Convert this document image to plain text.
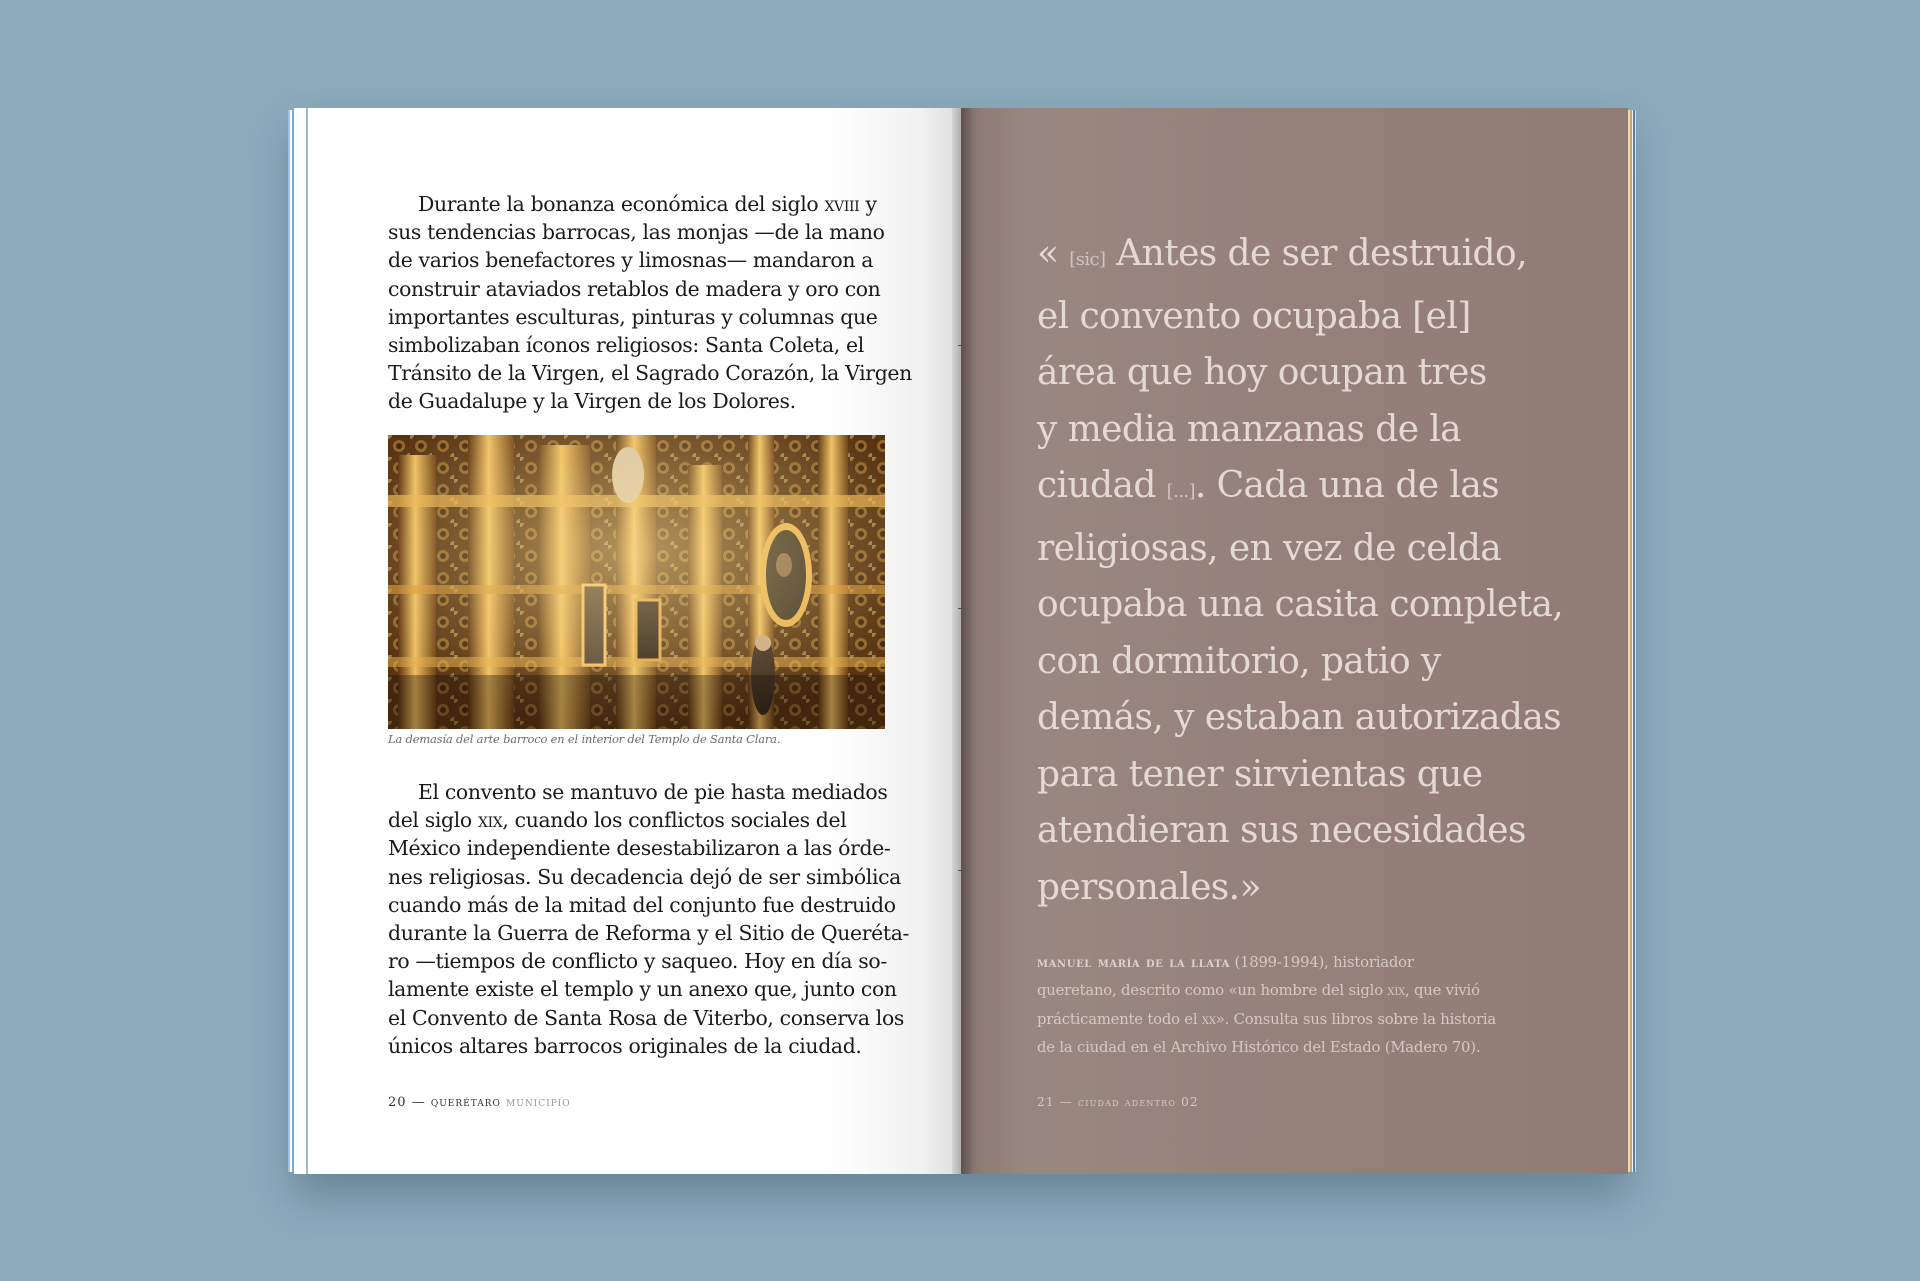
Durante la bonanza económica del siglo xviii y
sus tendencias barrocas, las monjas —de la mano
de varios benefactores y limosnas— mandaron a
construir ataviados retablos de madera y oro con
importantes esculturas, pinturas y columnas que
simbolizaban íconos religiosos: Santa Coleta, el
Tránsito de la Virgen, el Sagrado Corazón, la Virgen
de Guadalupe y la Virgen de los Dolores.

La demasía del arte barroco en el interior del Templo de Santa Clara.

El convento se mantuvo de pie hasta mediados
del siglo xix, cuando los conflictos sociales del
México independiente desestabilizaron a las órde-
nes religiosas. Su decadencia dejó de ser simbólica
cuando más de la mitad del conjunto fue destruido
durante la Guerra de Reforma y el Sitio de Queréta-
ro —tiempos de conflicto y saqueo. Hoy en día so-
lamente existe el templo y un anexo que, junto con
el Convento de Santa Rosa de Viterbo, conserva los
únicos altares barrocos originales de la ciudad.

20 — querétaro municipio

« [sic] Antes de ser destruido,
el convento ocupaba [el]
área que hoy ocupan tres
y media manzanas de la
ciudad [...]. Cada una de las
religiosas, en vez de celda
ocupaba una casita completa,
con dormitorio, patio y
demás, y estaban autorizadas
para tener sirvientas que
atendieran sus necesidades
personales.»

manuel maría de la llata (1899-1994), historiador
queretano, descrito como «un hombre del siglo xix, que vivió
prácticamente todo el xx». Consulta sus libros sobre la historia
de la ciudad en el Archivo Histórico del Estado (Madero 70).

21 — ciudad adentro 02
